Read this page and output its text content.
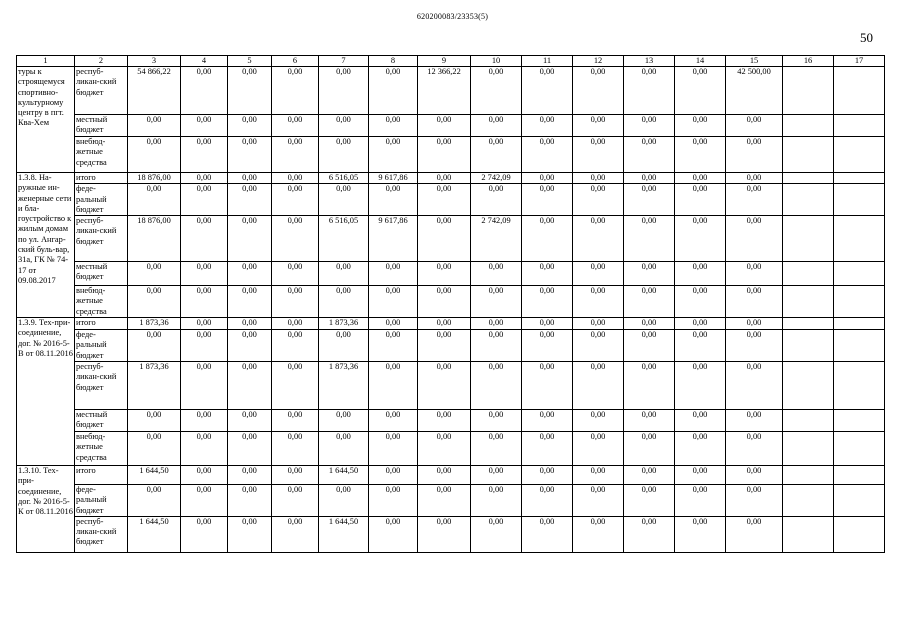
620200083/23353(5)
50
1	2	3	4	5	6	7	8	9	10	11	12	13	14	15	16	17
туры к строящемуся спортивно-культурному центру в пгт. Ква-Хем	респуб-ликан-ский бюджет	54 866,22	0,00	0,00	0,00	0,00	0,00	12 366,22	0,00	0,00	0,00	0,00	0,00	42 500,00		
	местный бюджет	0,00	0,00	0,00	0,00	0,00	0,00	0,00	0,00	0,00	0,00	0,00	0,00	0,00		
	внебюд-жетные средства	0,00	0,00	0,00	0,00	0,00	0,00	0,00	0,00	0,00	0,00	0,00	0,00	0,00		
1.3.8. На-ружные ин-женерные сети и бла-гоустройство к жилым домам по ул. Ангар-ский буль-вар, 31а, ГК № 74-17 от 09.08.2017	итого	18 876,00	0,00	0,00	0,00	6 516,05	9 617,86	0,00	2 742,09	0,00	0,00	0,00	0,00	0,00		
	феде-ральный бюджет	0,00	0,00	0,00	0,00	0,00	0,00	0,00	0,00	0,00	0,00	0,00	0,00	0,00		
	респуб-ликан-ский бюджет	18 876,00	0,00	0,00	0,00	6 516,05	9 617,86	0,00	2 742,09	0,00	0,00	0,00	0,00	0,00		
	местный бюджет	0,00	0,00	0,00	0,00	0,00	0,00	0,00	0,00	0,00	0,00	0,00	0,00	0,00		
	внебюд-жетные средства	0,00	0,00	0,00	0,00	0,00	0,00	0,00	0,00	0,00	0,00	0,00	0,00	0,00		
1.3.9. Тех-при-соединение, дог. № 2016-5-В от 08.11.2016	итого	1 873,36	0,00	0,00	0,00	1 873,36	0,00	0,00	0,00	0,00	0,00	0,00	0,00	0,00		
	феде-ральный бюджет	0,00	0,00	0,00	0,00	0,00	0,00	0,00	0,00	0,00	0,00	0,00	0,00	0,00		
	респуб-ликан-ский бюджет	1 873,36	0,00	0,00	0,00	1 873,36	0,00	0,00	0,00	0,00	0,00	0,00	0,00	0,00		
	местный бюджет	0,00	0,00	0,00	0,00	0,00	0,00	0,00	0,00	0,00	0,00	0,00	0,00	0,00		
	внебюд-жетные средства	0,00	0,00	0,00	0,00	0,00	0,00	0,00	0,00	0,00	0,00	0,00	0,00	0,00		
1.3.10. Тех-при-соединение, дог. № 2016-5-К от 08.11.2016	итого	1 644,50	0,00	0,00	0,00	1 644,50	0,00	0,00	0,00	0,00	0,00	0,00	0,00	0,00		
	феде-ральный бюджет	0,00	0,00	0,00	0,00	0,00	0,00	0,00	0,00	0,00	0,00	0,00	0,00	0,00		
	респуб-ликан-ский бюджет	1 644,50	0,00	0,00	0,00	1 644,50	0,00	0,00	0,00	0,00	0,00	0,00	0,00	0,00		
